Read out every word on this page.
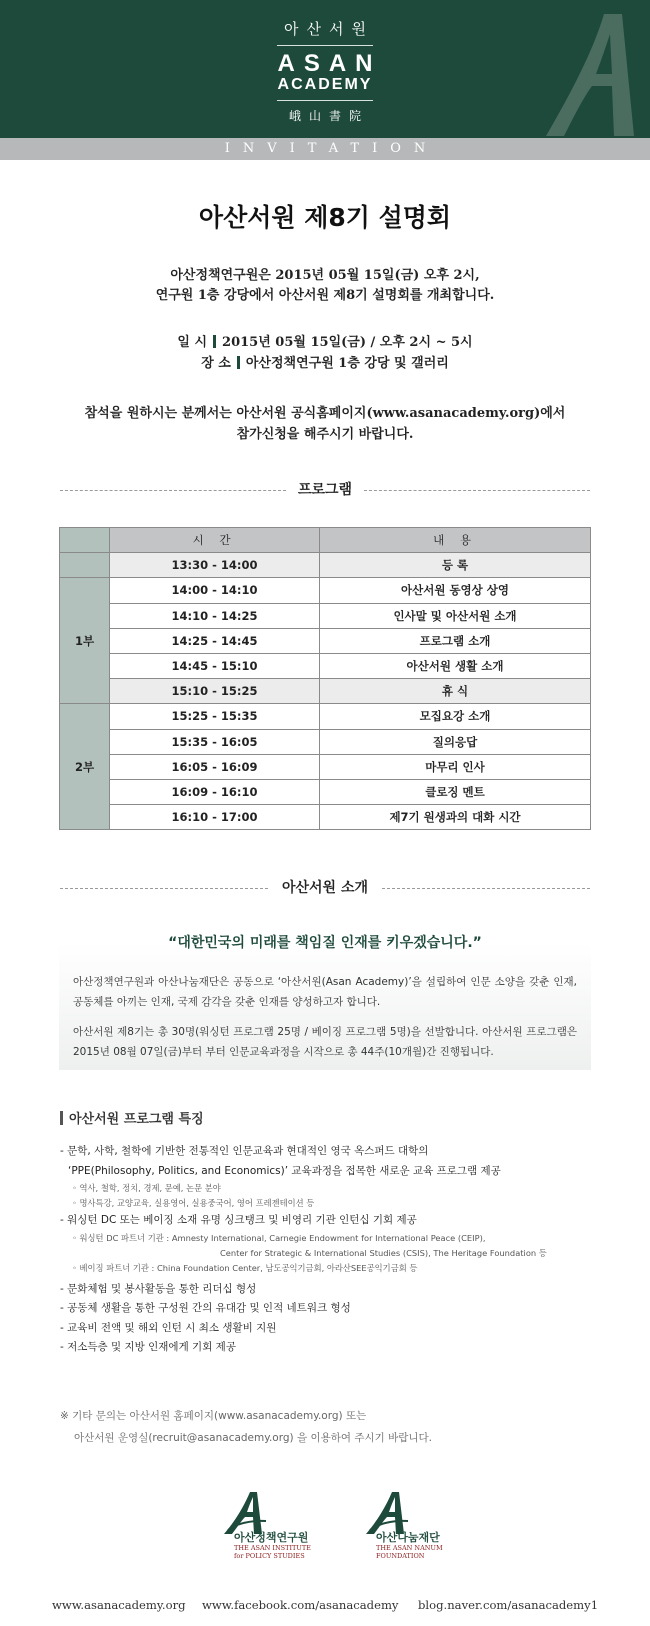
아산서원
ASAN
ACADEMY
峨山書院
INVITATION
아산서원 제8기 설명회
아산정책연구원은 2015년 05월 15일(금) 오후 2시,
연구원 1층 강당에서 아산서원 제8기 설명회를 개최합니다.
일 시 2015년 05월 15일(금) / 오후 2시 ~ 5시
장 소 아산정책연구원 1층 강당 및 갤러리
참석을 원하시는 분께서는 아산서원 공식홈페이지(www.asanacademy.org)에서
참가신청을 해주시기 바랍니다.
프로그램
	시 간	내 용
	13:30 - 14:00	등 록
1부	14:00 - 14:10	아산서원 동영상 상영
	14:10 - 14:25	인사말 및 아산서원 소개
	14:25 - 14:45	프로그램 소개
	14:45 - 15:10	아산서원 생활 소개
	15:10 - 15:25	휴 식
2부	15:25 - 15:35	모집요강 소개
	15:35 - 16:05	질의응답
	16:05 - 16:09	마무리 인사
	16:09 - 16:10	클로징 멘트
	16:10 - 17:00	제7기 원생과의 대화 시간
아산서원 소개

아산정책연구원과 아산나눔재단은 공동으로 ‘아산서원(Asan Academy)’을 설립하여 인문 소양을 갖춘 인재, 공동체를 아끼는 인재, 국제 감각을 갖춘 인재를 양성하고자 합니다.

아산서원 제8기는 총 30명(워싱턴 프로그램 25명 / 베이징 프로그램 5명)을 선발합니다. 아산서원 프로그램은 2015년 08월 07일(금)부터 부터 인문교육과정을 시작으로 총 44주(10개월)간 진행됩니다.

“대한민국의 미래를 책임질 인재를 키우겠습니다.”
아산서원 프로그램 특징
- 문학, 사학, 철학에 기반한 전통적인 인문교육과 현대적인 영국 옥스퍼드 대학의
‘PPE(Philosophy, Politics, and Economics)’ 교육과정을 접목한 새로운 교육 프로그램 제공
◦ 역사, 철학, 정치, 경제, 문예, 논문 분야
◦ 명사특강, 교양교육, 실용영어, 실용중국어, 영어 프레젠테이션 등
- 워싱턴 DC 또는 베이징 소재 유명 싱크탱크 및 비영리 기관 인턴십 기회 제공
◦ 워싱턴 DC 파트너 기관 : Amnesty International, Carnegie Endowment for International Peace (CEIP),
Center for Strategic & International Studies (CSIS), The Heritage Foundation 등
◦ 베이징 파트너 기관 : China Foundation Center, 남도공익기금회, 아라산SEE공익기금회 등
- 문화체험 및 봉사활동을 통한 리더십 형성
- 공동체 생활을 통한 구성원 간의 유대감 및 인적 네트워크 형성
- 교육비 전액 및 해외 인턴 시 최소 생활비 지원
- 저소득층 및 지방 인재에게 기회 제공
※ 기타 문의는 아산서원 홈페이지(www.asanacademy.org) 또는
아산서원 운영실(recruit@asanacademy.org) 을 이용하여 주시기 바랍니다.
아산정책연구원
THE ASAN INSTITUTE
for POLICY STUDIES
아산나눔재단
THE ASAN NANUM
FOUNDATION
www.asanacademy.org www.facebook.com/asanacademy blog.naver.com/asanacademy1
